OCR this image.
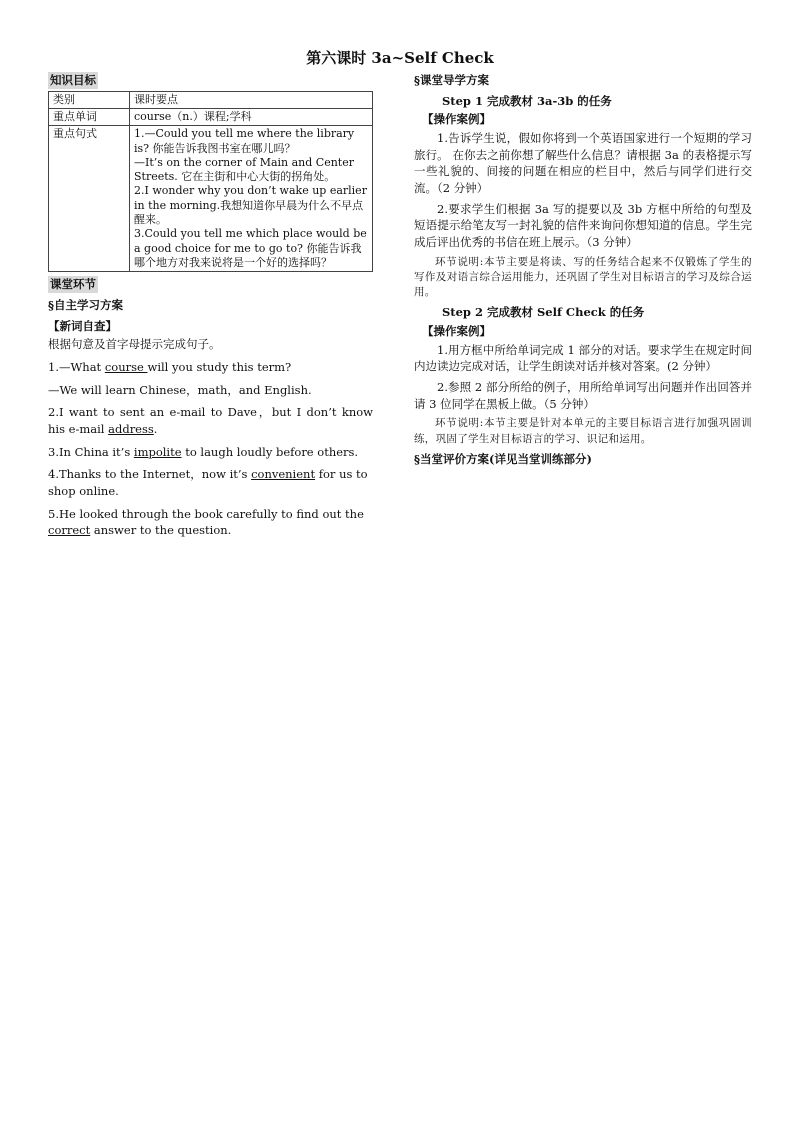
第六课时 3a~Self Check
知识目标
类别	课时要点
重点单词	course（n.）课程;学科
重点句式	1.—Could you tell me where the library is? 你能告诉我图书室在哪儿吗？
—It’s on the corner of Main and Center Streets. 它在主街和中心大街的拐角处。
2.I wonder why you don’t wake up earlier in the morning.我想知道你早晨为什么不早点醒来。
3.Could you tell me which place would be a good choice for me to go to? 你能告诉我哪个地方对我来说将是一个好的选择吗？
课堂环节
§自主学习方案
【新词自查】
根据句意及首字母提示完成句子。
1.—What course will you study this term?
—We will learn Chinese，math，and English.
2.I want to sent an e-mail to Dave，but I don’t know his e-mail address.
3.In China it’s impolite to laugh loudly before others.
4.Thanks to the Internet，now it’s convenient for us to shop online.
5.He looked through the book carefully to find out the correct answer to the question.
§课堂导学方案
Step 1 完成教材 3a-3b 的任务
【操作案例】
1.告诉学生说，假如你将到一个英语国家进行一个短期的学习旅行。 在你去之前你想了解些什么信息？请根据 3a 的表格提示写一些礼貌的、间接的问题在相应的栏目中，然后与同学们进行交流。（2 分钟）
2.要求学生们根据 3a 写的提要以及 3b 方框中所给的句型及短语提示给笔友写一封礼貌的信件来询问你想知道的信息。学生完成后评出优秀的书信在班上展示。（3 分钟）
环节说明:本节主要是将读、写的任务结合起来不仅锻炼了学生的写作及对语言综合运用能力，还巩固了学生对目标语言的学习及综合运用。
Step 2 完成教材 Self Check 的任务
【操作案例】
1.用方框中所给单词完成 1 部分的对话。要求学生在规定时间内边读边完成对话，让学生朗读对话并核对答案。(2 分钟）
2.参照 2 部分所给的例子，用所给单词写出问题并作出回答并请 3 位同学在黑板上做。（5 分钟）
环节说明:本节主要是针对本单元的主要目标语言进行加强巩固训练，巩固了学生对目标语言的学习、识记和运用。
§当堂评价方案(详见当堂训练部分)
